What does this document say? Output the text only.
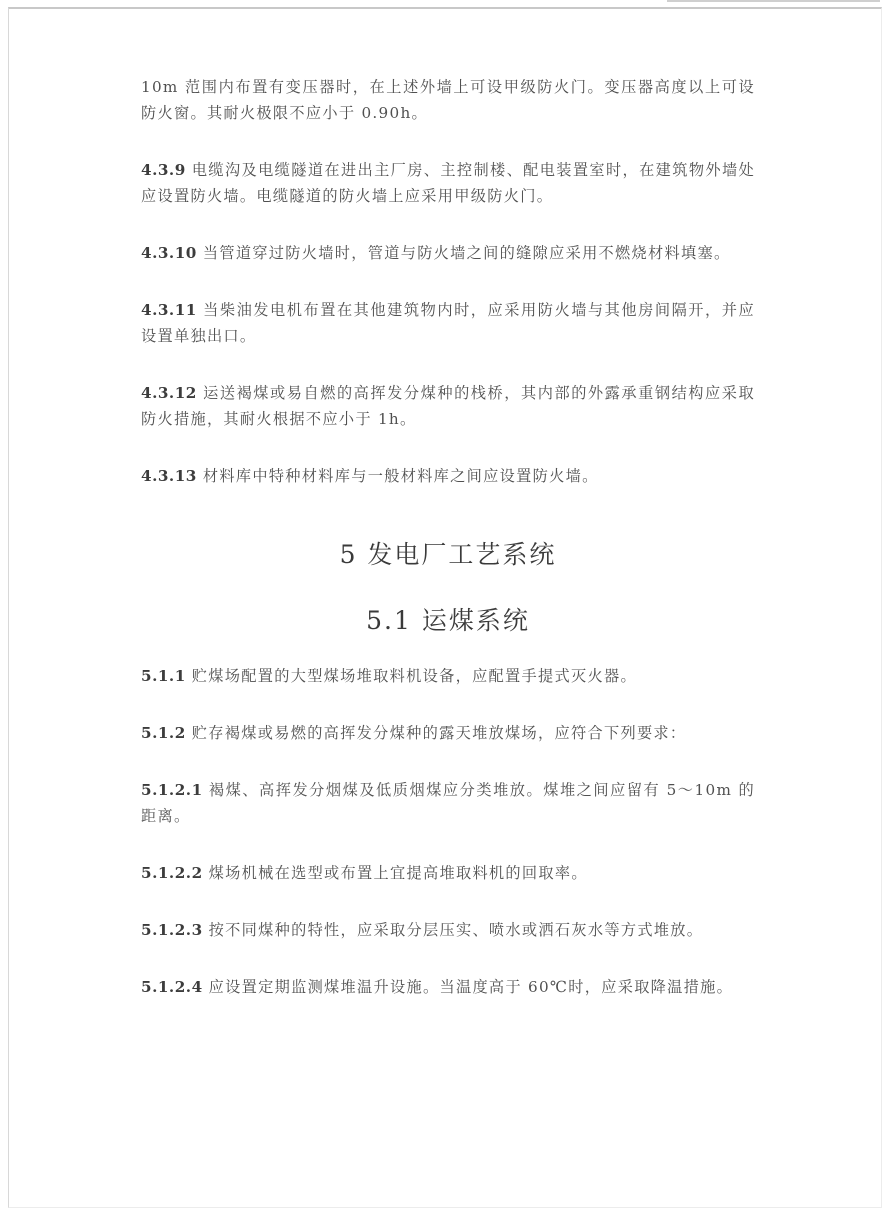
10m 范围内布置有变压器时，在上述外墙上可设甲级防火门。变压器高度以上可设防火窗。其耐火极限不应小于 0.90h。

4.3.9 电缆沟及电缆隧道在进出主厂房、主控制楼、配电装置室时，在建筑物外墙处应设置防火墙。电缆隧道的防火墙上应采用甲级防火门。

4.3.10 当管道穿过防火墙时，管道与防火墙之间的缝隙应采用不燃烧材料填塞。

4.3.11 当柴油发电机布置在其他建筑物内时，应采用防火墙与其他房间隔开，并应设置单独出口。

4.3.12 运送褐煤或易自燃的高挥发分煤种的栈桥，其内部的外露承重钢结构应采取防火措施，其耐火根据不应小于 1h。

4.3.13 材料库中特种材料库与一般材料库之间应设置防火墙。

5 发电厂工艺系统
5.1 运煤系统

5.1.1 贮煤场配置的大型煤场堆取料机设备，应配置手提式灭火器。

5.1.2 贮存褐煤或易燃的高挥发分煤种的露天堆放煤场，应符合下列要求：

5.1.2.1 褐煤、高挥发分烟煤及低质烟煤应分类堆放。煤堆之间应留有 5～10m 的距离。

5.1.2.2 煤场机械在选型或布置上宜提高堆取料机的回取率。

5.1.2.3 按不同煤种的特性，应采取分层压实、喷水或洒石灰水等方式堆放。

5.1.2.4 应设置定期监测煤堆温升设施。当温度高于 60℃时，应采取降温措施。
